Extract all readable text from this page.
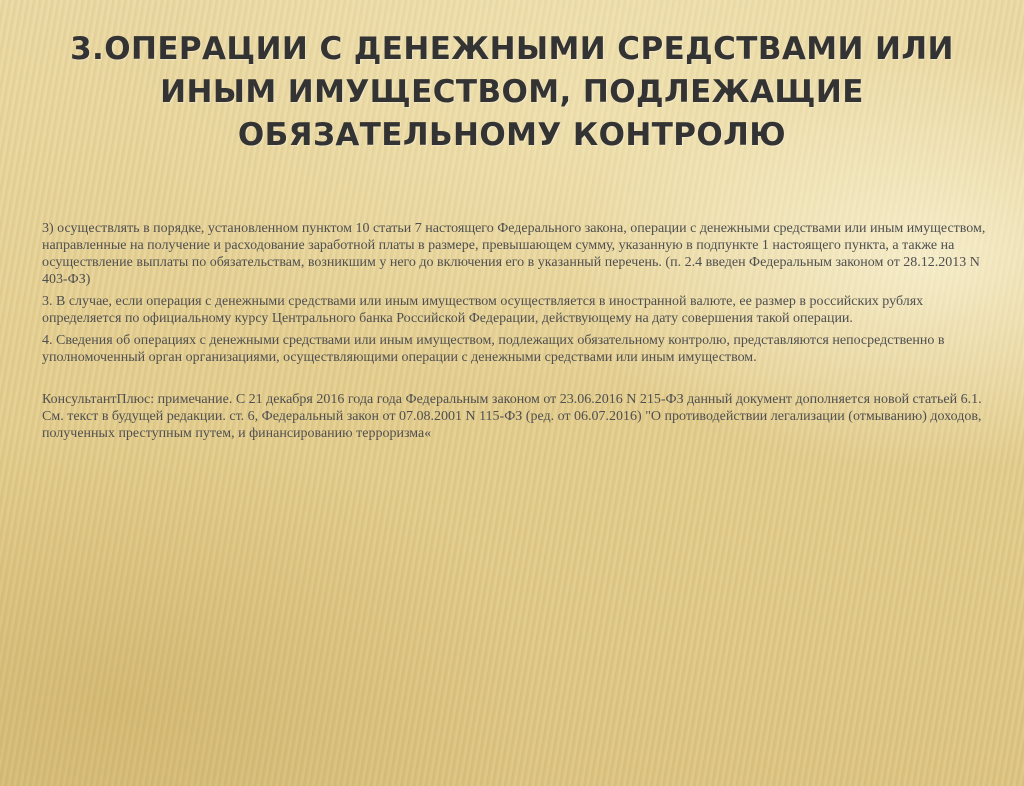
3.ОПЕРАЦИИ С ДЕНЕЖНЫМИ СРЕДСТВАМИ ИЛИ ИНЫМ ИМУЩЕСТВОМ, ПОДЛЕЖАЩИЕ ОБЯЗАТЕЛЬНОМУ КОНТРОЛЮ

3) осуществлять в порядке, установленном пунктом 10 статьи 7 настоящего Федерального закона, операции с денежными средствами или иным имуществом, направленные на получение и расходование заработной платы в размере, превышающем сумму, указанную в подпункте 1 настоящего пункта, а также на осуществление выплаты по обязательствам, возникшим у него до включения его в указанный перечень. (п. 2.4 введен Федеральным законом от 28.12.2013 N 403-ФЗ)

3. В случае, если операция с денежными средствами или иным имуществом осуществляется в иностранной валюте, ее размер в российских рублях определяется по официальному курсу Центрального банка Российской Федерации, действующему на дату совершения такой операции.

4. Сведения об операциях с денежными средствами или иным имуществом, подлежащих обязательному контролю, представляются непосредственно в уполномоченный орган организациями, осуществляющими операции с денежными средствами или иным имуществом.

КонсультантПлюс: примечание. С 21 декабря 2016 года года Федеральным законом от 23.06.2016 N 215-ФЗ данный документ дополняется новой статьей 6.1. См. текст в будущей редакции. ст. 6, Федеральный закон от 07.08.2001 N 115-ФЗ (ред. от 06.07.2016) "О противодействии легализации (отмыванию) доходов, полученных преступным путем, и финансированию терроризма«
